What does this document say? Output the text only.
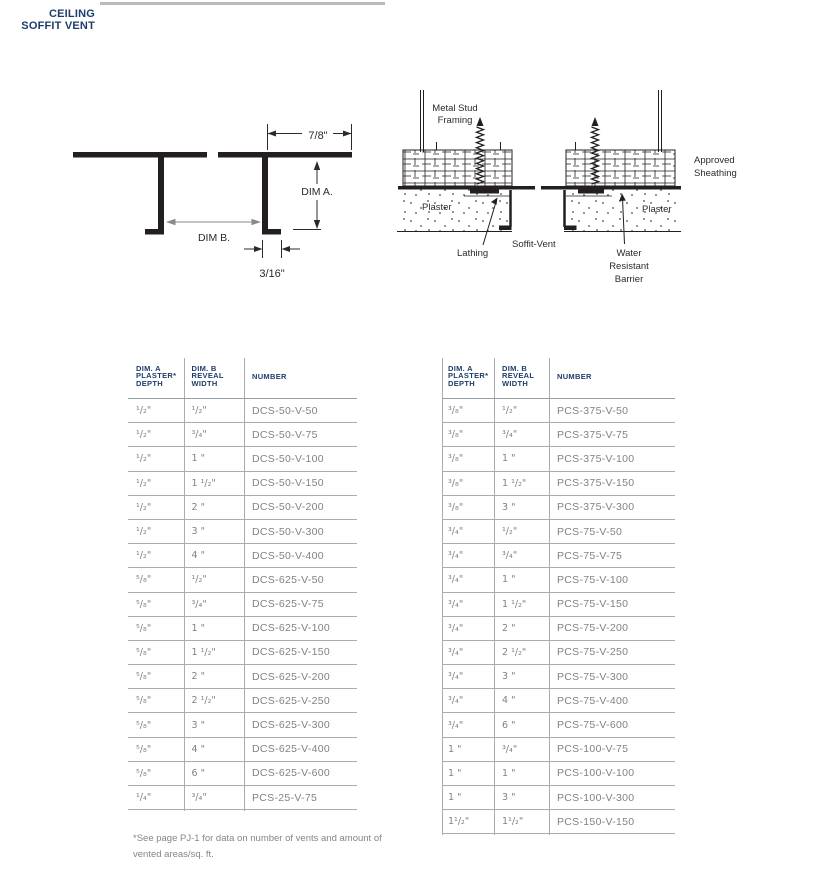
CEILING
SOFFIT VENT
7/8"
DIM A.
DIM B.
3/16"
Metal Stud
Framing
Approved
Sheathing
Plaster	Plaster
Lathing
Soffit-Vent
Water
Resistant
Barrier
DIM. A
PLASTER*
DEPTH
DIM. B
REVEAL
WIDTH
NUMBER
¹/₂"	¹/₂"	DCS-50-V-50
¹/₂"	³/₄"	DCS-50-V-75
¹/₂"	1 "	DCS-50-V-100
¹/₂"	1 ¹/₂"	DCS-50-V-150
¹/₂"	2 "	DCS-50-V-200
¹/₂"	3 "	DCS-50-V-300
¹/₂"	4 "	DCS-50-V-400
⁵/₈"	¹/₂"	DCS-625-V-50
⁵/₈"	³/₄"	DCS-625-V-75
⁵/₈"	1 "	DCS-625-V-100
⁵/₈"	1 ¹/₂"	DCS-625-V-150
⁵/₈"	2 "	DCS-625-V-200
⁵/₈"	2 ¹/₂"	DCS-625-V-250
⁵/₈"	3 "	DCS-625-V-300
⁵/₈"	4 "	DCS-625-V-400
⁵/₈"	6 "	DCS-625-V-600
¹/₄"	³/₄"	PCS-25-V-75
DIM. A
PLASTER*
DEPTH
DIM. B
REVEAL
WIDTH
NUMBER
³/₈"	¹/₂"	PCS-375-V-50
³/₈"	³/₄"	PCS-375-V-75
³/₈"	1 "	PCS-375-V-100
³/₈"	1 ¹/₂"	PCS-375-V-150
³/₈"	3 "	PCS-375-V-300
³/₄"	¹/₂"	PCS-75-V-50
³/₄"	³/₄"	PCS-75-V-75
³/₄"	1 "	PCS-75-V-100
³/₄"	1 ¹/₂"	PCS-75-V-150
³/₄"	2 "	PCS-75-V-200
³/₄"	2 ¹/₂"	PCS-75-V-250
³/₄"	3 "	PCS-75-V-300
³/₄"	4 "	PCS-75-V-400
³/₄"	6 "	PCS-75-V-600
1 "	³/₄"	PCS-100-V-75
1 "	1 "	PCS-100-V-100
1 "	3 "	PCS-100-V-300
1¹/₂"	1¹/₂"	PCS-150-V-150
*See page PJ-1 for data on number of vents and amount of vented areas/sq. ft.
